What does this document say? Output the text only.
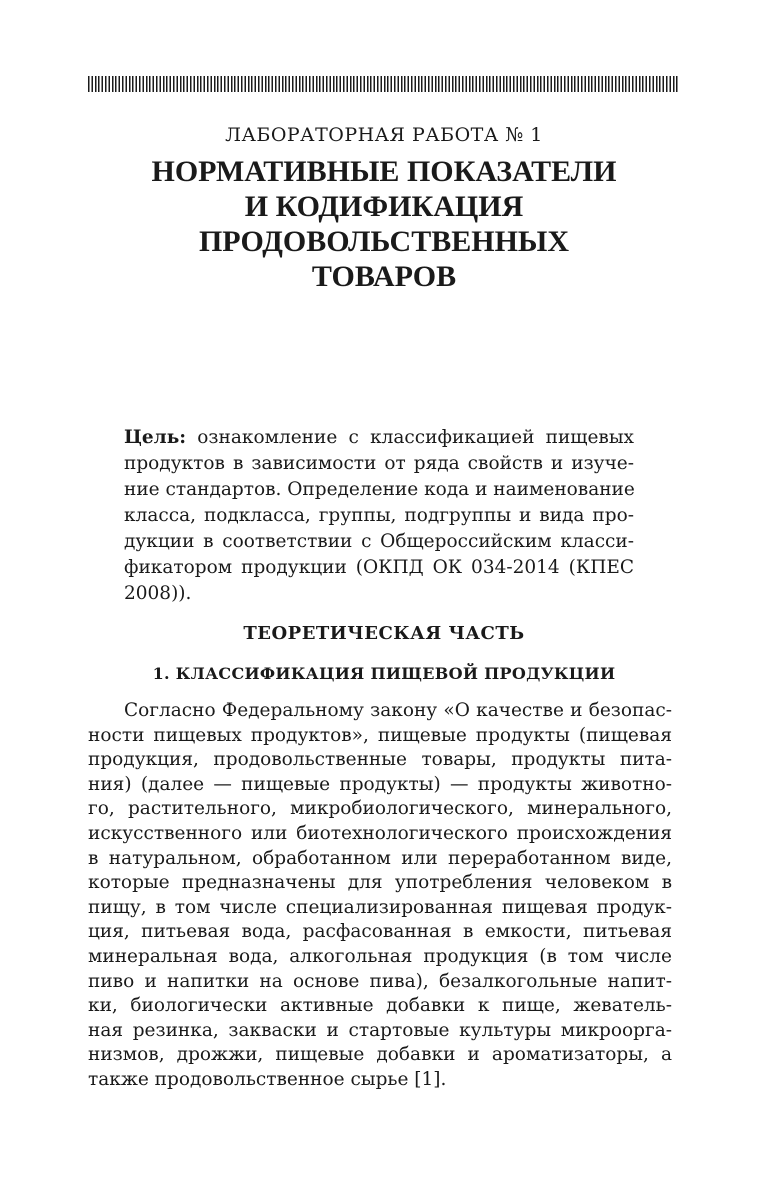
ЛАБОРАТОРНАЯ РАБОТА № 1
НОРМАТИВНЫЕ ПОКАЗАТЕЛИ
И КОДИФИКАЦИЯ
ПРОДОВОЛЬСТВЕННЫХ
ТОВАРОВ
Цель: ознакомление с классификацией пищевых
продуктов в зависимости от ряда свойств и изуче-
ние стандартов. Определение кода и наименование
класса, подкласса, группы, подгруппы и вида про-
дукции в соответствии с Общероссийским класси-
фикатором продукции (ОКПД ОК 034-2014 (КПЕС
2008)).
ТЕОРЕТИЧЕСКАЯ ЧАСТЬ
1. КЛАССИФИКАЦИЯ ПИЩЕВОЙ ПРОДУКЦИИ
Согласно Федеральному закону «О качестве и безопас-
ности пищевых продуктов», пищевые продукты (пищевая
продукция, продовольственные товары, продукты пита-
ния) (далее — пищевые продукты) — продукты животно-
го, растительного, микробиологического, минерального,
искусственного или биотехнологического происхождения
в натуральном, обработанном или переработанном виде,
которые предназначены для употребления человеком в
пищу, в том числе специализированная пищевая продук-
ция, питьевая вода, расфасованная в емкости, питьевая
минеральная вода, алкогольная продукция (в том числе
пиво и напитки на основе пива), безалкогольные напит-
ки, биологически активные добавки к пище, жеватель-
ная резинка, закваски и стартовые культуры микроорга-
низмов, дрожжи, пищевые добавки и ароматизаторы, а
также продовольственное сырье [1].
